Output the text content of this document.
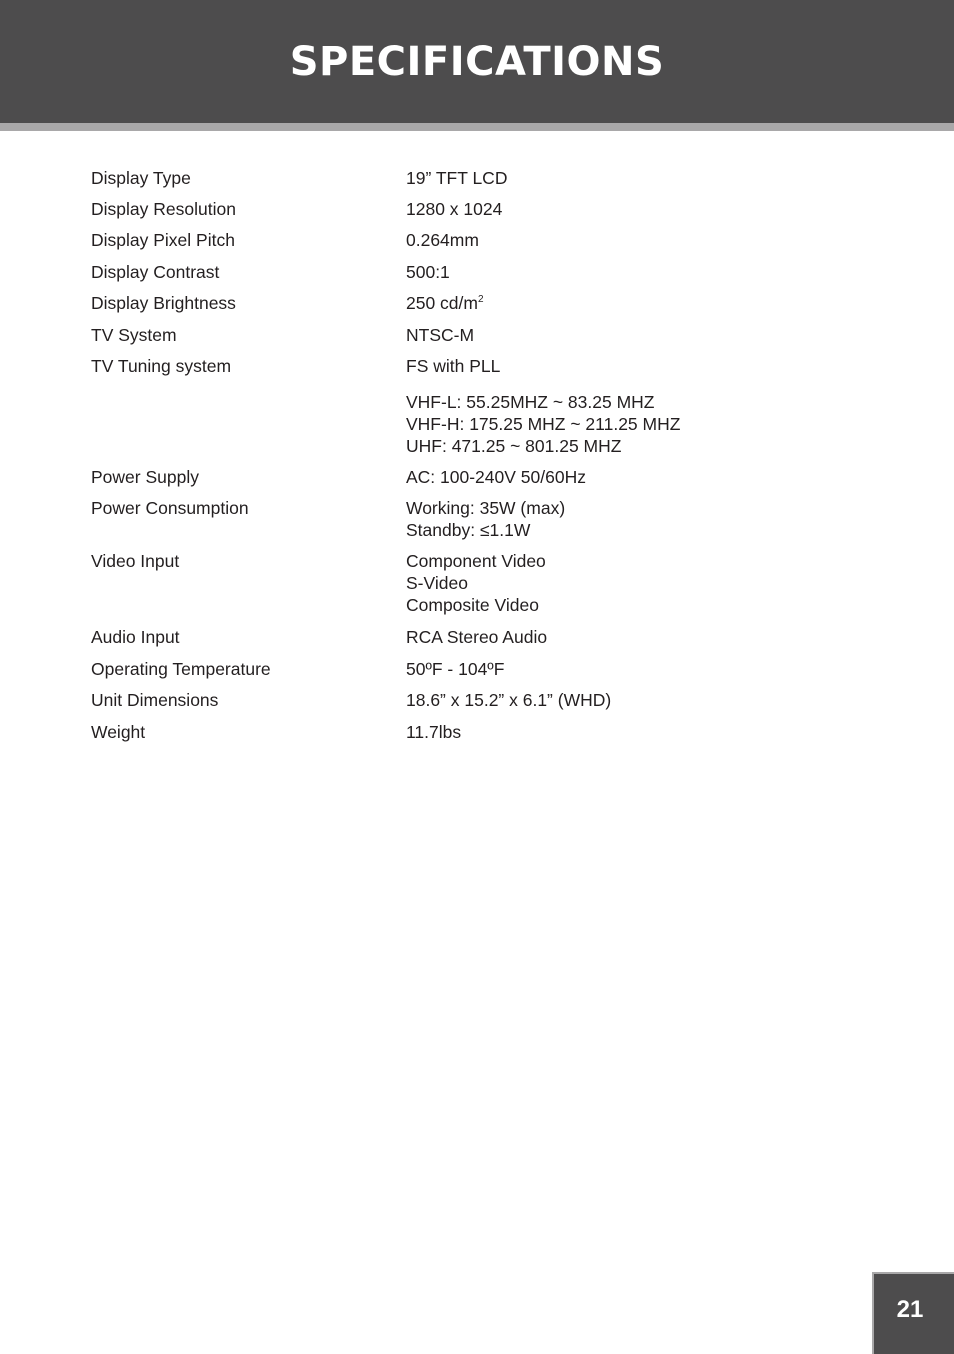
SPECIFICATIONS
Display Type	19” TFT LCD
Display Resolution	1280 x 1024
Display Pixel Pitch	0.264mm
Display Contrast	500:1
Display Brightness	250 $cd/m^2$
TV System	NTSC-M
TV Tuning system	FS with PLL
VHF-L: 55.25MHZ ~ 83.25 MHZ
VHF-H: 175.25 MHZ ~ 211.25 MHZ
UHF: 471.25 ~ 801.25 MHZ
Power Supply	AC: 100-240V 50/60Hz
Power Consumption	Working: 35W (max)
Standby: ≤1.1W
Video Input	Component Video
S-Video
Composite Video
Audio Input	RCA Stereo Audio
Operating Temperature	50ºF - 104ºF
Unit Dimensions	18.6” x 15.2” x 6.1” (WHD)
Weight	11.7lbs
21
